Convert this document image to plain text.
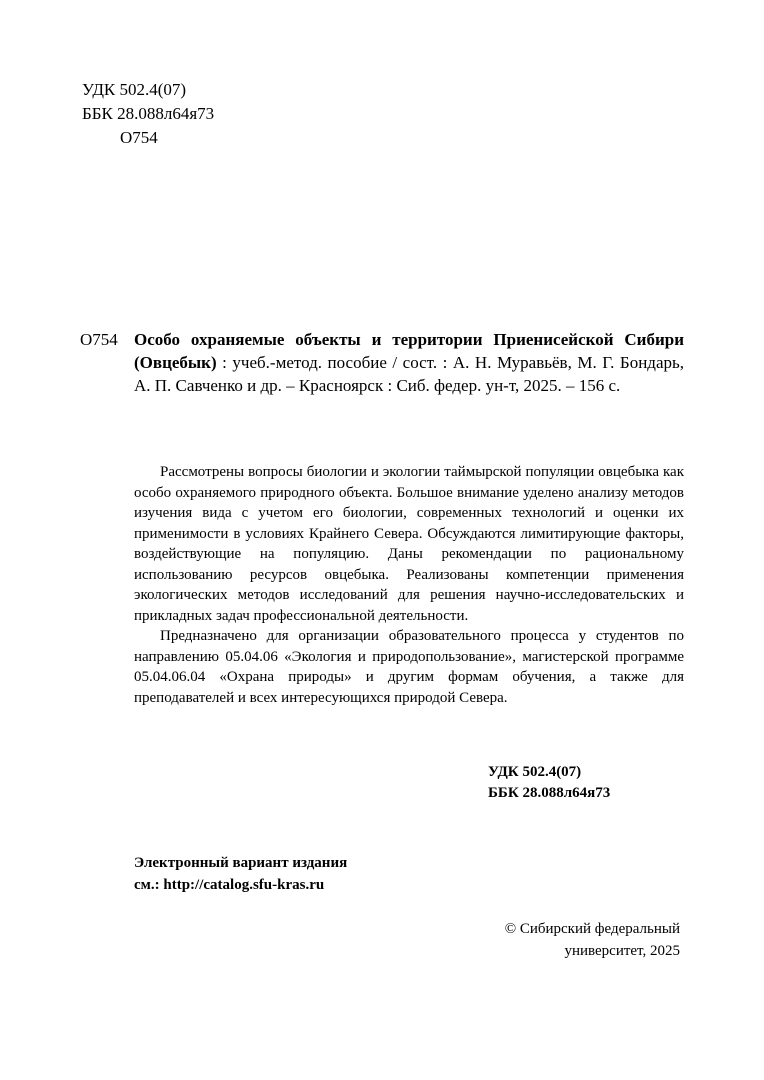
УДК 502.4(07)
ББК 28.088л64я73
О754
О754 Особо охраняемые объекты и территории Приенисейской Сибири (Овцебык) : учеб.-метод. пособие / сост. : А. Н. Муравьёв, М. Г. Бондарь, А. П. Савченко и др. – Красноярск : Сиб. федер. ун-т, 2025. – 156 с.

Рассмотрены вопросы биологии и экологии таймырской популяции овцебыка как особо охраняемого природного объекта. Большое внимание уделено анализу методов изучения вида с учетом его биологии, современных технологий и оценки их применимости в условиях Крайнего Севера. Обсуждаются лимитирующие факторы, воздействующие на популяцию. Даны рекомендации по рациональному использованию ресурсов овцебыка. Реализованы компетенции применения экологических методов исследований для решения научно-исследовательских и прикладных задач профессиональной деятельности.

Предназначено для организации образовательного процесса у студентов по направлению 05.04.06 «Экология и природопользование», магистерской программе 05.04.06.04 «Охрана природы» и другим формам обучения, а также для преподавателей и всех интересующихся природой Севера.

УДК 502.4(07)
ББК 28.088л64я73
Электронный вариант издания
см.: http://catalog.sfu-kras.ru
© Сибирский федеральный
университет, 2025
